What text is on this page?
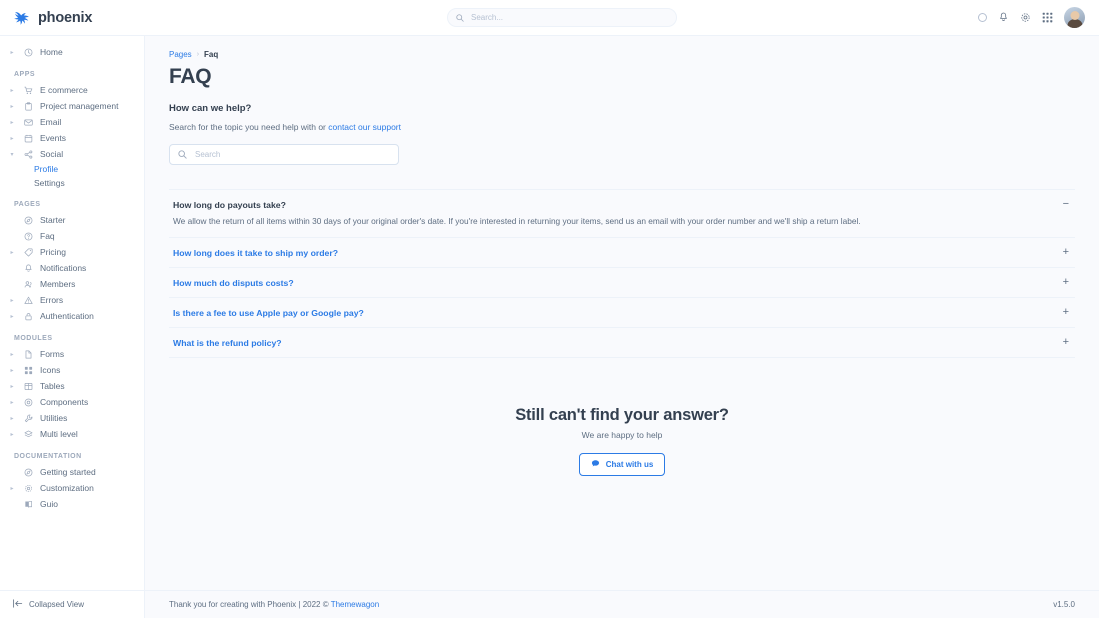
phoenix
Search...
▸	Home
APPS
▸	E commerce
▸	Project management
▸	Email
▸	Events
▾	Social
Profile
Settings
PAGES
Starter
Faq
▸	Pricing
Notifications
Members
▸	Errors
▸	Authentication
MODULES
▸	Forms
▸	Icons
▸	Tables
▸	Components
▸	Utilities
▸	Multi level
DOCUMENTATION
Getting started
▸	Customization
Guio
Collapsed View
Pages › Faq
FAQ
How can we help?
Search for the topic you need help with or contact our support
Search
How long do payouts take?	−
We allow the return of all items within 30 days of your original order's date. If you're interested in returning your items, send us an email with your order number and we'll ship a return label.
How long does it take to ship my order?	+
How much do disputs costs?	+
Is there a fee to use Apple pay or Google pay?	+
What is the refund policy?	+
Still can't find your answer?
We are happy to help
Chat with us
Thank you for creating with Phoenix | 2022 © Themewagon	v1.5.0
